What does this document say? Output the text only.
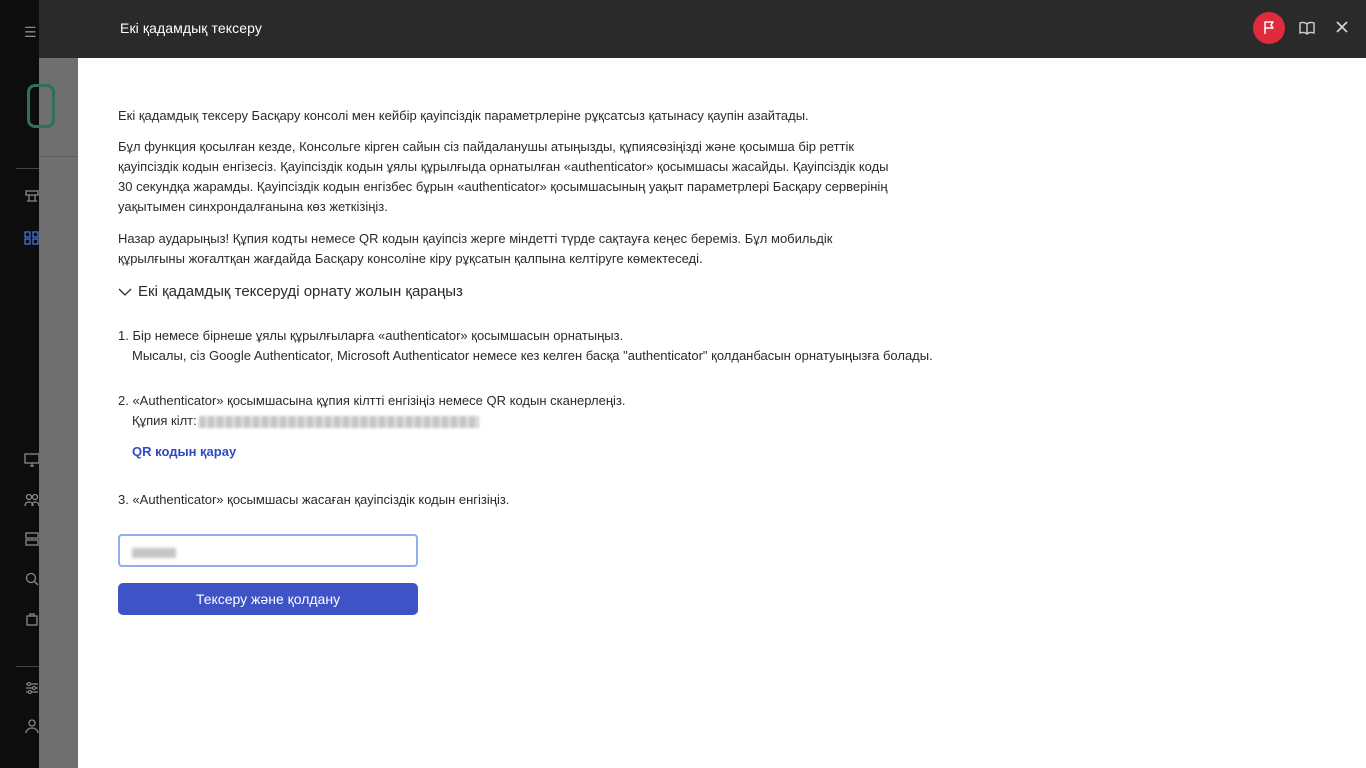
☰	Екі қадамдық тексеру
Екі қадамдық тексеру Басқару консолі мен кейбір қауіпсіздік параметрлеріне рұқсатсыз қатынасу қаупін азайтады.
Бұл функция қосылған кезде, Консольге кірген сайын сіз пайдаланушы атыңызды, құпиясөзіңізді және қосымша бір реттік қауіпсіздік кодын енгізесіз. Қауіпсіздік кодын ұялы құрылғыда орнатылған «authenticator» қосымшасы жасайды. Қауіпсіздік коды 30 секундқа жарамды. Қауіпсіздік кодын енгізбес бұрын «authenticator» қосымшасының уақыт параметрлері Басқару серверінің уақытымен синхрондалғанына көз жеткізіңіз.
Назар аударыңыз! Құпия кодты немесе QR кодын қауіпсіз жерге міндетті түрде сақтауға кеңес береміз. Бұл мобильдік құрылғыны жоғалтқан жағдайда Басқару консоліне кіру рұқсатын қалпына келтіруге көмектеседі.
Екі қадамдық тексеруді орнату жолын қараңыз
1. Бір немесе бірнеше ұялы құрылғыларға «authenticator» қосымшасын орнатыңыз.
Мысалы, сіз Google Authenticator, Microsoft Authenticator немесе кез келген басқа "authenticator" қолданбасын орнатуыңызға болады.
2. «Authenticator» қосымшасына құпия кілтті енгізіңіз немесе QR кодын сканерлеңіз.
Құпия кілт:
QR кодын қарау
3. «Authenticator» қосымшасы жасаған қауіпсіздік кодын енгізіңіз.
Тексеру және қолдану
